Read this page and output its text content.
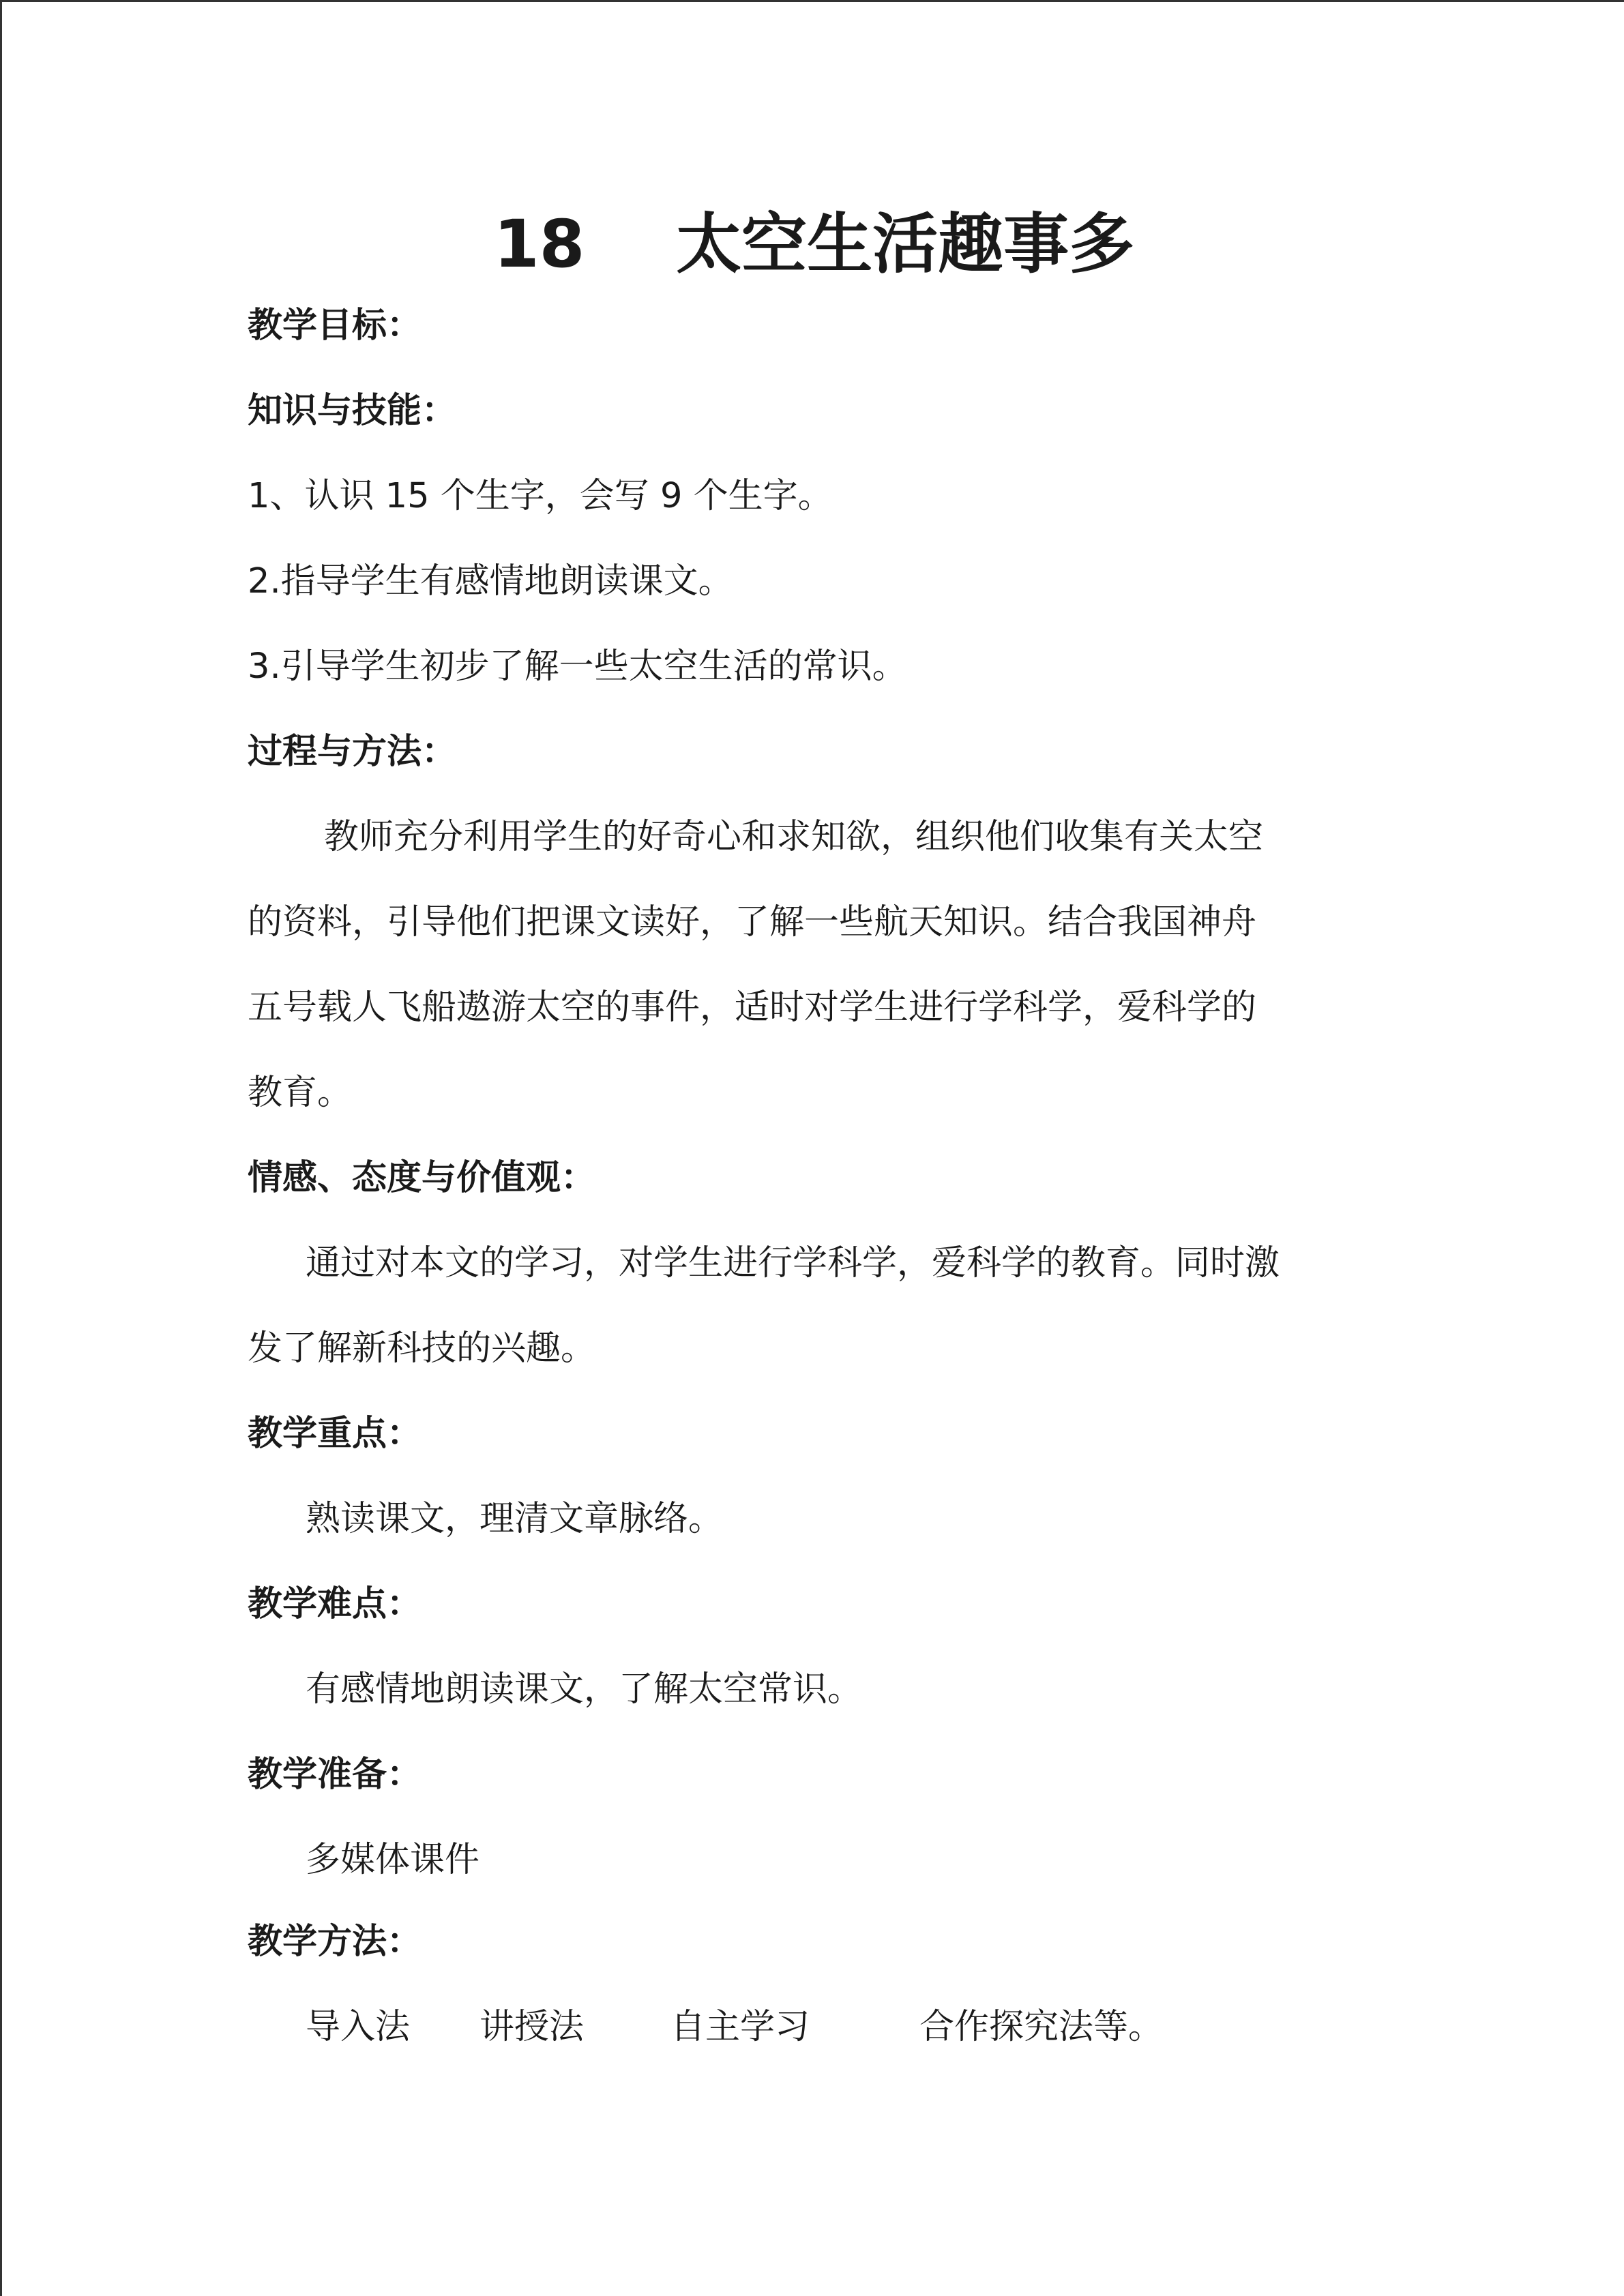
18    太空生活趣事多
教学目标：
知识与技能：
1、认识 15 个生字，会写 9 个生字。
2.指导学生有感情地朗读课文。
3.引导学生初步了解一些太空生活的常识。
过程与方法：
教师充分利用学生的好奇心和求知欲，组织他们收集有关太空
的资料，引导他们把课文读好，了解一些航天知识。结合我国神舟
五号载人飞船遨游太空的事件，适时对学生进行学科学，爱科学的
教育。
情感、态度与价值观：
通过对本文的学习，对学生进行学科学，爱科学的教育。同时激
发了解新科技的兴趣。
教学重点：
熟读课文，理清文章脉络。
教学难点：
有感情地朗读课文，了解太空常识。
教学准备：
多媒体课件
教学方法：

导入法

讲授法

自主学习

	合作探究法等。
